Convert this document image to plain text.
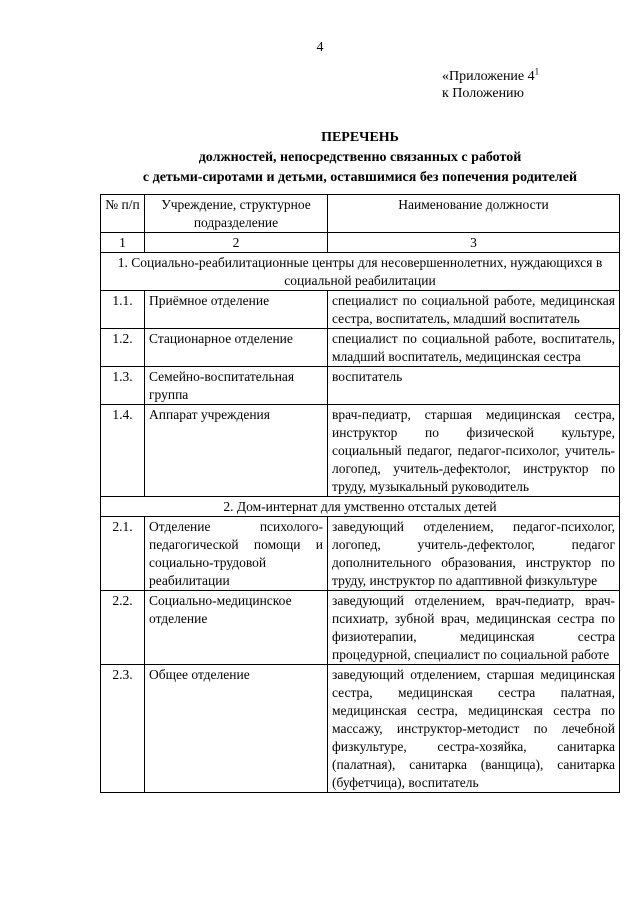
4
«Приложение $4^1$
к Положению
ПЕРЕЧЕНЬ
должностей, непосредственно связанных с работой
с детьми-сиротами и детьми, оставшимися без попечения родителей
№ п/п	Учреждение, структурное подразделение	Наименование должности
1	2	3
1. Социально-реабилитационные центры для несовершеннолетних, нуждающихся в социальной реабилитации		
1.1.	Приёмное отделение	специалист по социальной работе, медицинская сестра, воспитатель, младший воспитатель
1.2.	Стационарное отделение	специалист по социальной работе, воспитатель, младший воспитатель, медицинская сестра
1.3.	Семейно-воспитательная группа	воспитатель
1.4.	Аппарат учреждения	врач-педиатр, старшая медицинская сестра, инструктор по физической культуре, социальный педагог, педагог-психолог, учитель-логопед, учитель-дефектолог, инструктор по труду, музыкальный руководитель
2. Дом-интернат для умственно отсталых детей		
2.1.	Отделение психолого-педагогической помощи и социально-трудовой реабилитации	заведующий отделением, педагог-психолог, логопед, учитель-дефектолог, педагог дополнительного образования, инструктор по труду, инструктор по адаптивной физкультуре
2.2.	Социально-медицинское отделение	заведующий отделением, врач-педиатр, врач-психиатр, зубной врач, медицинская сестра по физиотерапии, медицинская сестра процедурной, специалист по социальной работе
2.3.	Общее отделение	заведующий отделением, старшая медицинская сестра, медицинская сестра палатная, медицинская сестра, медицинская сестра по массажу, инструктор-методист по лечебной физкультуре, сестра-хозяйка, санитарка (палатная), санитарка (ванщица), санитарка (буфетчица), воспитатель
